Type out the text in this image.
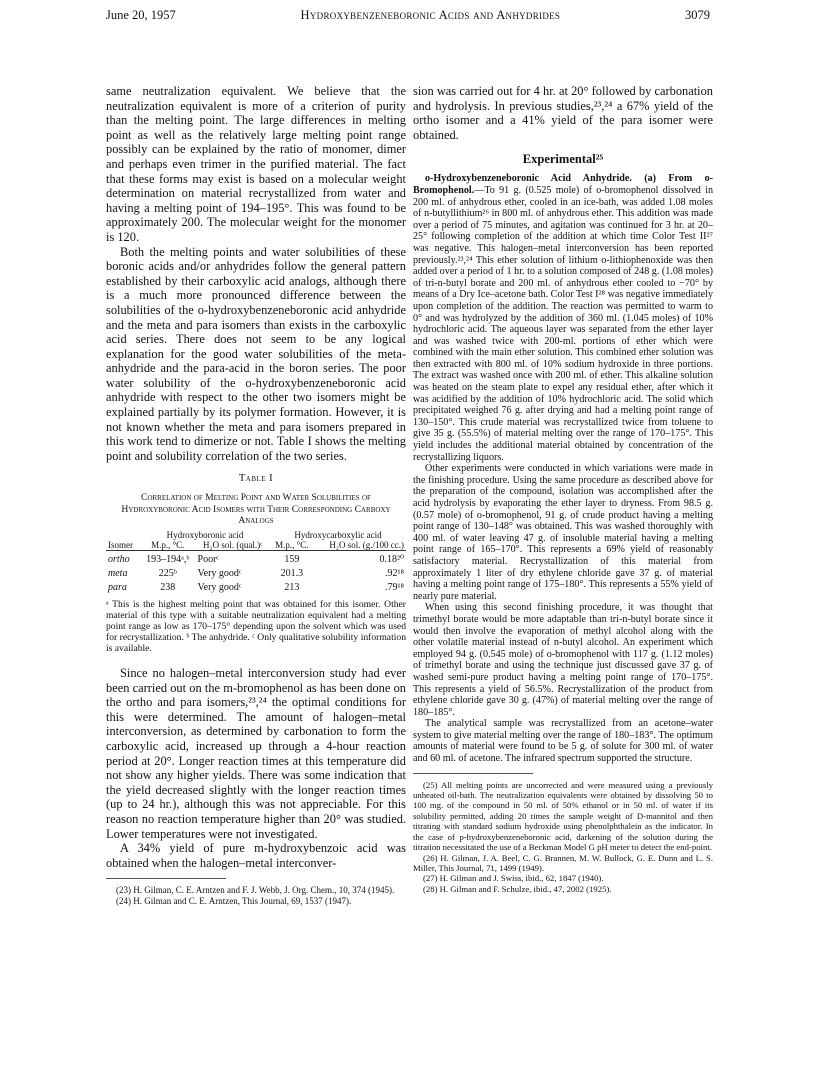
June 20, 1957	Hydroxybenzeneboronic Acids and Anhydrides	3079

same neutralization equivalent. We believe that the neutralization equivalent is more of a criterion of purity than the melting point. The large differences in melting point as well as the relatively large melting point range possibly can be explained by the ratio of monomer, dimer and perhaps even trimer in the purified material. The fact that these forms may exist is based on a molecular weight determination on material recrystallized from water and having a melting point of 194–195°. This was found to be approximately 200. The molecular weight for the monomer is 120.

Both the melting points and water solubilities of these boronic acids and/or anhydrides follow the general pattern established by their carboxylic acid analogs, although there is a much more pronounced difference between the solubilities of the o-hydroxybenzeneboronic acid anhydride and the meta and para isomers than exists in the carboxylic acid series. There does not seem to be any logical explanation for the good water solubilities of the meta-anhydride and the para-acid in the boron series. The poor water solubility of the o-hydroxybenzeneboronic acid anhydride with respect to the other two isomers might be explained partially by its polymer formation. However, it is not known whether the meta and para isomers prepared in this work tend to dimerize or not. Table I shows the melting point and solubility correlation of the two series.

Table I
Correlation of Melting Point and Water Solubilities of Hydroxyboronic Acid Isomers with Their Corresponding Carboxy Analogs
	Hydroxyboronic acid		Hydroxycarboxylic acid	
Isomer	M.p., °C.	H₂O sol. (qual.)ᶜ	M.p., °C.	H₂O sol. (g./100 cc.)
ortho	193–194ᵃ,ᵇ	Poorᶜ	159	0.18²⁰
meta	225ᵇ	Very goodᶜ	201.3	.92¹⁸
para	238	Very goodᶜ	213	.79¹⁸

ᵃ This is the highest melting point that was obtained for this isomer. Other material of this type with a suitable neutralization equivalent had a melting point range as low as 170–175° depending upon the solvent which was used for recrystallization. ᵇ The anhydride. ᶜ Only qualitative solubility information is available.

Since no halogen–metal interconversion study had ever been carried out on the m-bromophenol as has been done on the ortho and para isomers,²³,²⁴ the optimal conditions for this were determined. The amount of halogen–metal interconversion, as determined by carbonation to form the carboxylic acid, increased up through a 4-hour reaction period at 20°. Longer reaction times at this temperature did not show any higher yields. There was some indication that the yield decreased slightly with the longer reaction times (up to 24 hr.), although this was not appreciable. For this reason no reaction temperature higher than 20° was studied. Lower temperatures were not investigated.

A 34% yield of pure m-hydroxybenzoic acid was obtained when the halogen–metal interconver-

(23) H. Gilman, C. E. Arntzen and F. J. Webb, J. Org. Chem., 10, 374 (1945).

(24) H. Gilman and C. E. Arntzen, This Journal, 69, 1537 (1947).

sion was carried out for 4 hr. at 20° followed by carbonation and hydrolysis. In previous studies,²³,²⁴ a 67% yield of the ortho isomer and a 41% yield of the para isomer were obtained.

Experimental²⁵

o-Hydroxybenzeneboronic Acid Anhydride. (a) From o-Bromophenol.—To 91 g. (0.525 mole) of o-bromophenol dissolved in 200 ml. of anhydrous ether, cooled in an ice-bath, was added 1.08 moles of n-butyllithium²⁶ in 800 ml. of anhydrous ether. This addition was made over a period of 75 minutes, and agitation was continued for 3 hr. at 20–25° following completion of the addition at which time Color Test II²⁷ was negative. This halogen–metal interconversion has been reported previously.²³,²⁴ This ether solution of lithium o-lithiophenoxide was then added over a period of 1 hr. to a solution composed of 248 g. (1.08 moles) of tri-n-butyl borate and 200 ml. of anhydrous ether cooled to −70° by means of a Dry Ice–acetone bath. Color Test I²⁸ was negative immediately upon completion of the addition. The reaction was permitted to warm to 0° and was hydrolyzed by the addition of 360 ml. (1.045 moles) of 10% hydrochloric acid. The aqueous layer was separated from the ether layer and was washed twice with 200-ml. portions of ether which were combined with the main ether solution. This combined ether solution was then extracted with 800 ml. of 10% sodium hydroxide in three portions. The extract was washed once with 200 ml. of ether. This alkaline solution was heated on the steam plate to expel any residual ether, after which it was acidified by the addition of 10% hydrochloric acid. The solid which precipitated weighed 76 g. after drying and had a melting point range of 130–150°. This crude material was recrystallized twice from toluene to give 35 g. (55.5%) of material melting over the range of 170–175°. This yield includes the additional material obtained by concentration of the recrystallizing liquors.

Other experiments were conducted in which variations were made in the finishing procedure. Using the same procedure as described above for the preparation of the compound, isolation was accomplished after the acid hydrolysis by evaporating the ether layer to dryness. From 98.5 g. (0.57 mole) of o-bromophenol, 91 g. of crude product having a melting point range of 130–148° was obtained. This was washed thoroughly with 400 ml. of water leaving 47 g. of insoluble material having a melting point range of 165–170°. This represents a 69% yield of reasonably satisfactory material. Recrystallization of this material from approximately 1 liter of dry ethylene chloride gave 37 g. of material having a melting point range of 175–180°. This represents a 55% yield of nearly pure material.

When using this second finishing procedure, it was thought that trimethyl borate would be more adaptable than tri-n-butyl borate since it would then involve the evaporation of methyl alcohol along with the other volatile material instead of n-butyl alcohol. An experiment which employed 94 g. (0.545 mole) of o-bromophenol with 117 g. (1.12 moles) of trimethyl borate and using the technique just discussed gave 37 g. of washed semi-pure product having a melting point range of 170–175°. This represents a yield of 56.5%. Recrystallization of the product from ethylene chloride gave 30 g. (47%) of material melting over the range of 180–185°.

The analytical sample was recrystallized from an acetone–water system to give material melting over the range of 180–183°. The optimum amounts of material were found to be 5 g. of solute for 300 ml. of water and 60 ml. of acetone. The infrared spectrum supported the structure.

(25) All melting points are uncorrected and were measured using a previously unheated oil-bath. The neutralization equivalents were obtained by dissolving 50 to 100 mg. of the compound in 50 ml. of 50% ethanol or in 50 ml. of water if its solubility permitted, adding 20 times the sample weight of D-mannitol and then titrating with standard sodium hydroxide using phenolphthalein as the indicator. In the case of p-hydroxybenzeneboronic acid, darkening of the solution during the titration necessitated the use of a Beckman Model G pH meter to detect the end-point.

(26) H. Gilman, J. A. Beel, C. G. Brannen, M. W. Bullock, G. E. Dunn and L. S. Miller, This Journal, 71, 1499 (1949).

(27) H. Gilman and J. Swiss, ibid., 62, 1847 (1940).

(28) H. Gilman and F. Schulze, ibid., 47, 2002 (1925).
